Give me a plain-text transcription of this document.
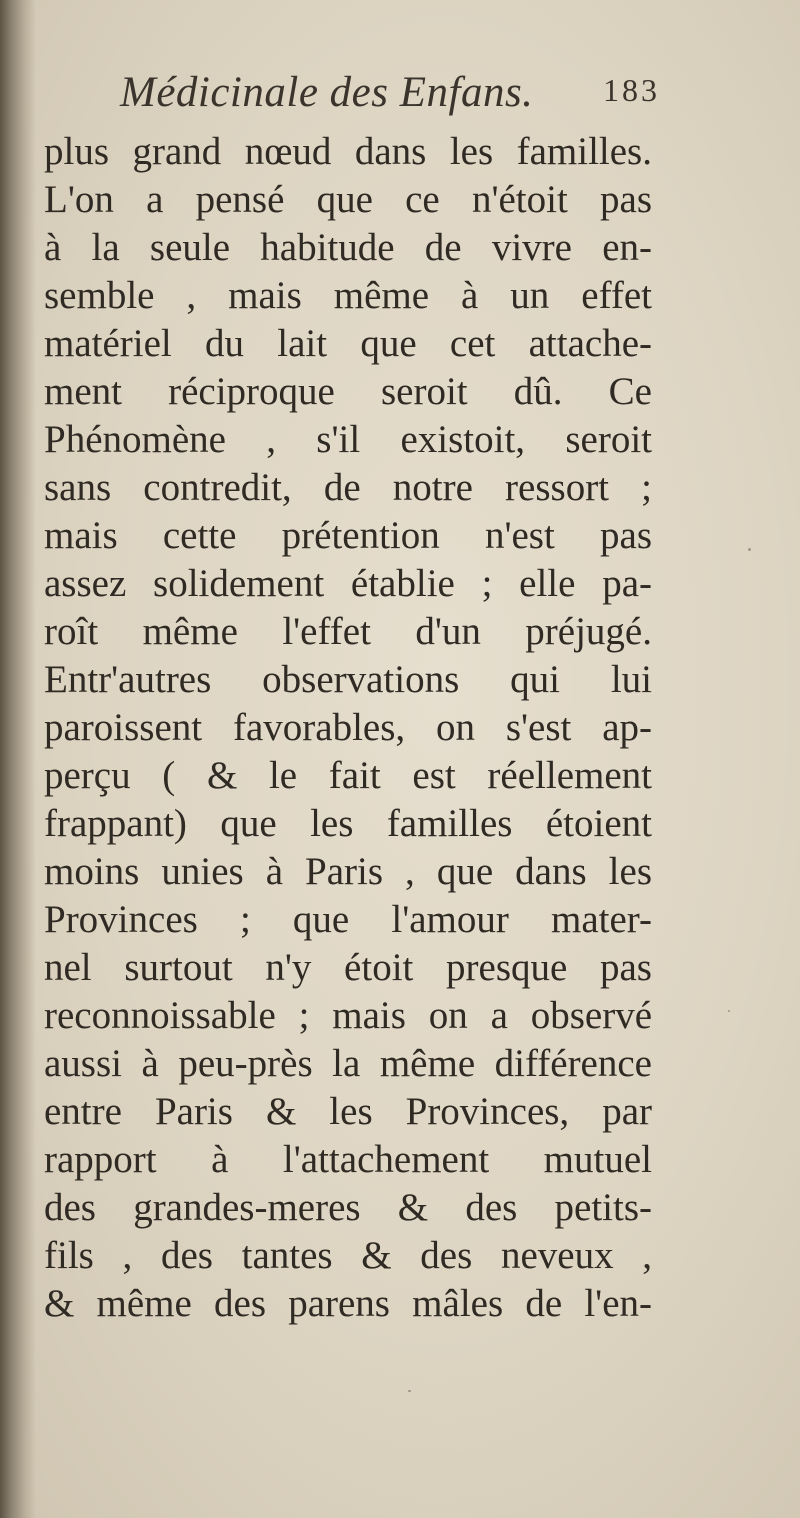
Médicinale des Enfans. 183
plus grand nœud dans les familles.
L'on a pensé que ce n'étoit pas
à la seule habitude de vivre en-
semble , mais même à un effet
matériel du lait que cet attache-
ment réciproque seroit dû. Ce
Phénomène , s'il existoit, seroit
sans contredit, de notre ressort ;
mais cette prétention n'est pas
assez solidement établie ; elle pa-
roît même l'effet d'un préjugé.
Entr'autres observations qui lui
paroissent favorables, on s'est ap-
perçu ( & le fait est réellement
frappant) que les familles étoient
moins unies à Paris , que dans les
Provinces ; que l'amour mater-
nel surtout n'y étoit presque pas
reconnoissable ; mais on a observé
aussi à peu-près la même différence
entre Paris & les Provinces, par
rapport à l'attachement mutuel
des grandes-meres & des petits-
fils , des tantes & des neveux ,
& même des parens mâles de l'en-
